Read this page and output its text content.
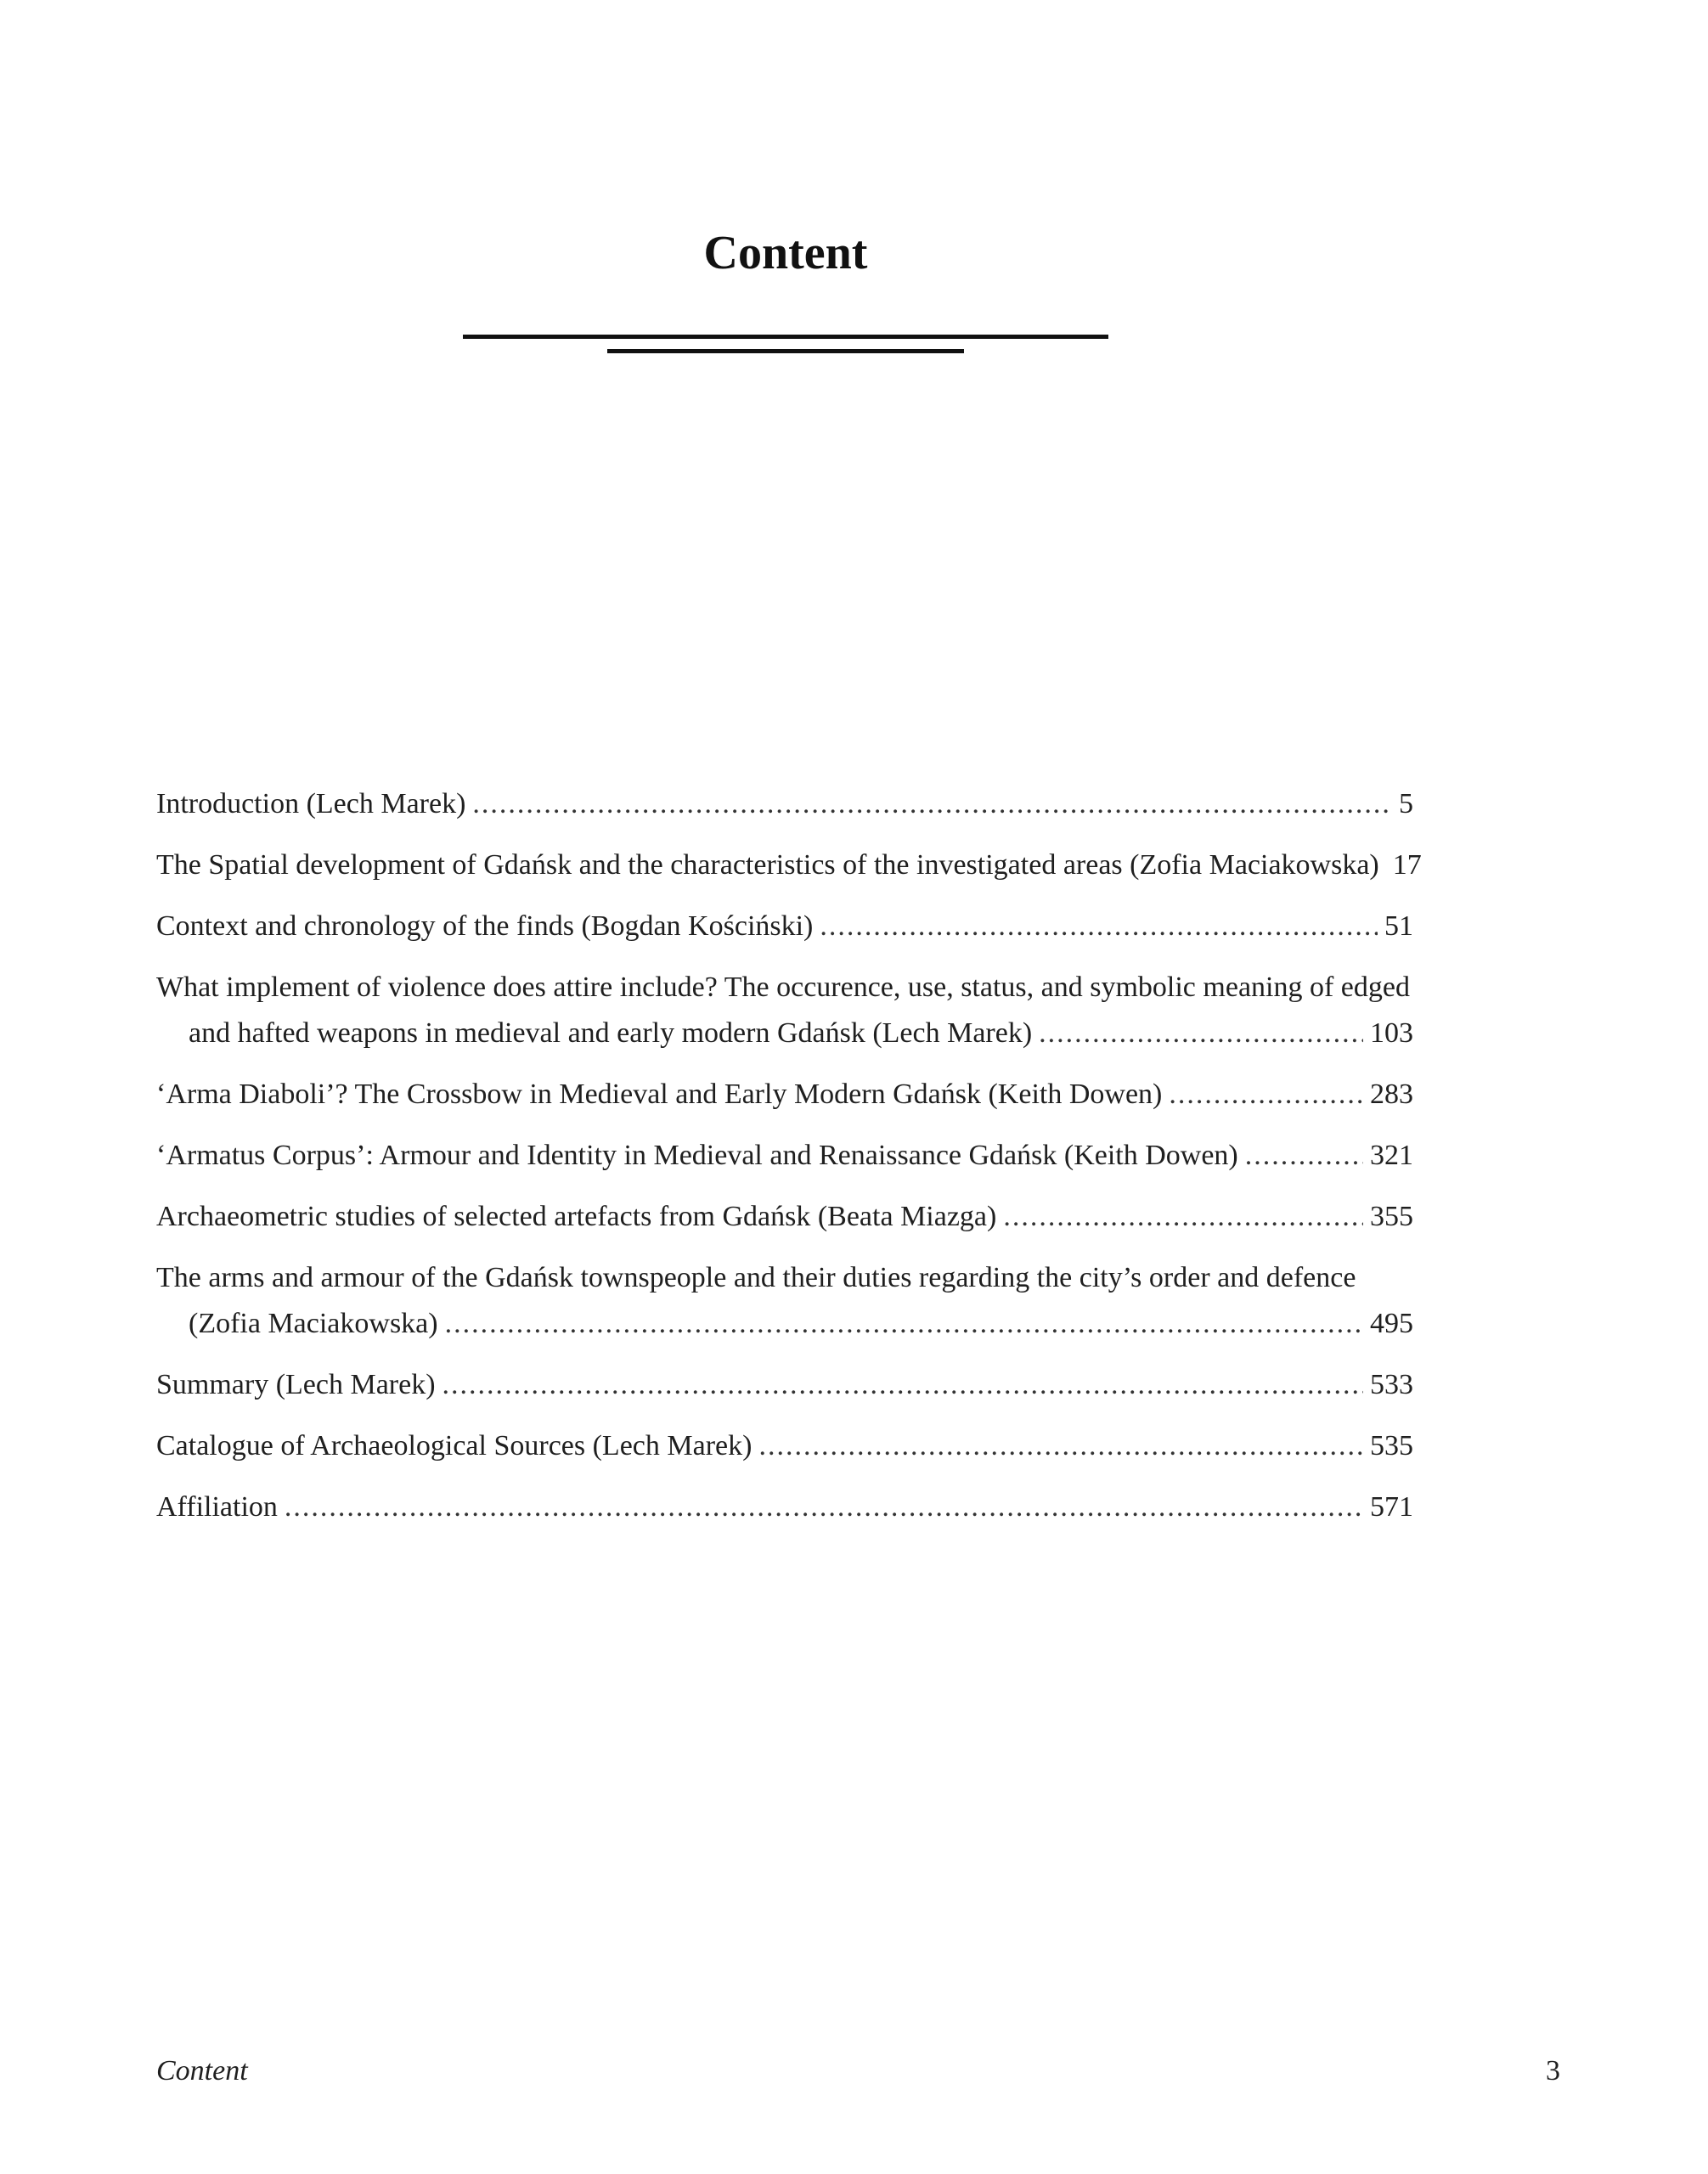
Content
Introduction (Lech Marek) .....	5
The Spatial development of Gdańsk and the characteristics of the investigated areas (Zofia Maciakowska) 17
Context and chronology of the finds (Bogdan Kościński) .....	51
What implement of violence does attire include? The occurence, use, status, and symbolic meaning of edged
and hafted weapons in medieval and early modern Gdańsk (Lech Marek) .....	103
‘Arma Diaboli’? The Crossbow in Medieval and Early Modern Gdańsk (Keith Dowen) .....	283
‘Armatus Corpus’: Armour and Identity in Medieval and Renaissance Gdańsk (Keith Dowen) .....	321
Archaeometric studies of selected artefacts from Gdańsk (Beata Miazga) .....	355
The arms and armour of the Gdańsk townspeople and their duties regarding the city’s order and defence
(Zofia Maciakowska) .....	495
Summary (Lech Marek) .....	533
Catalogue of Archaeological Sources (Lech Marek) .....	535
Affiliation .....	571
Content	3
